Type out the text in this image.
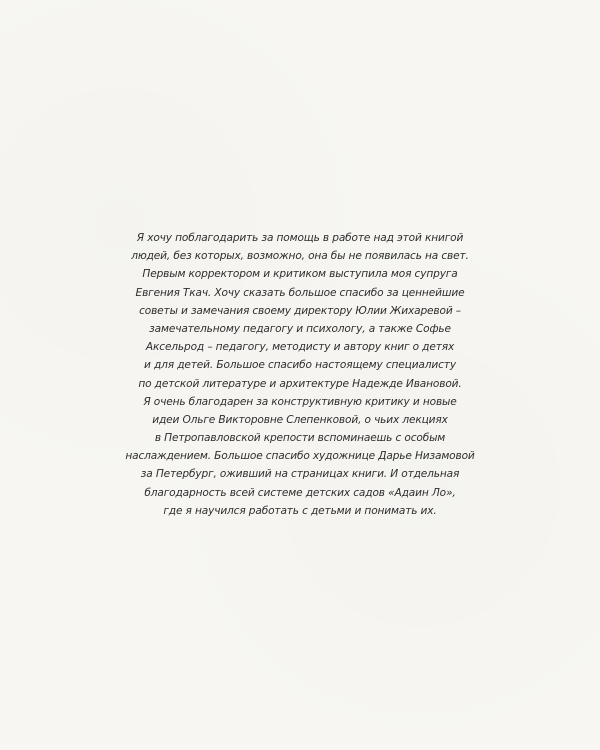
Я хочу поблагодарить за помощь в работе над этой книгой
людей, без которых, возможно, она бы не появилась на свет.
Первым корректором и критиком выступила моя супруга
Евгения Ткач. Хочу сказать большое спасибо за ценнейшие
советы и замечания своему директору Юлии Жихаревой –
замечательному педагогу и психологу, а также Софье
Аксельрод – педагогу, методисту и автору книг о детях
и для детей. Большое спасибо настоящему специалисту
по детской литературе и архитектуре Надежде Ивановой.
Я очень благодарен за конструктивную критику и новые
идеи Ольге Викторовне Слепенковой, о чьих лекциях
в Петропавловской крепости вспоминаешь с особым
наслаждением. Большое спасибо художнице Дарье Низамовой
за Петербург, оживший на страницах книги. И отдельная
благодарность всей системе детских садов «Адаин Ло»,
где я научился работать с детьми и понимать их.
